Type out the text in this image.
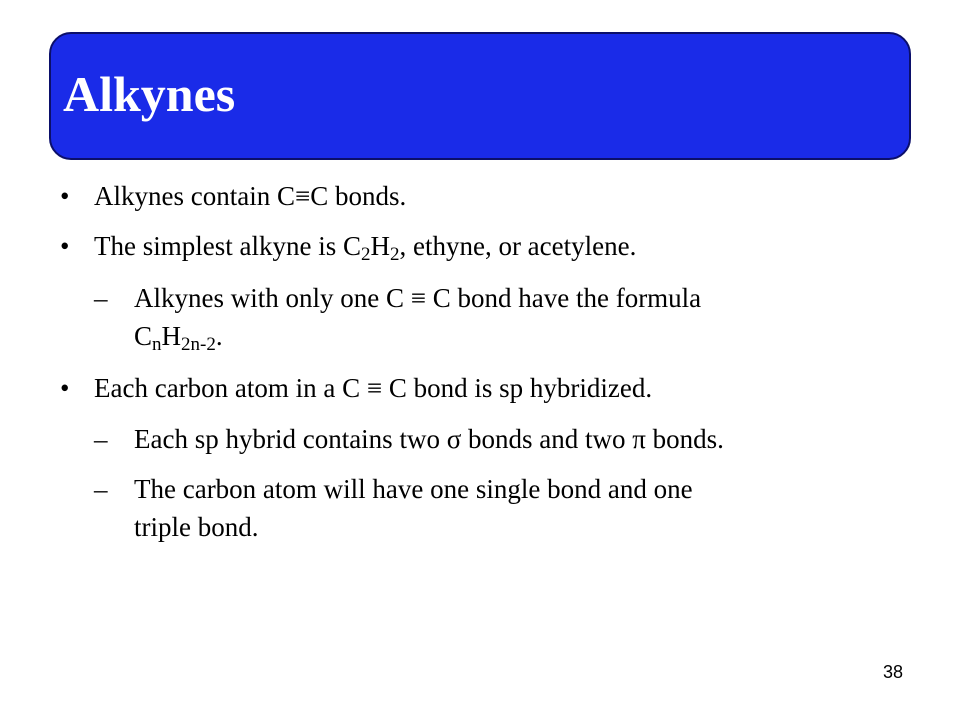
Alkynes
• Alkynes contain C≡C bonds.
• The simplest alkyne is $C_2H_2$, ethyne, or acetylene.
– Alkynes with only one C ≡ C bond have the formula
$C_nH_{2n-2}$.
• Each carbon atom in a C ≡ C bond is sp hybridized.
– Each sp hybrid contains two σ bonds and two π bonds.
– The carbon atom will have one single bond and one
triple bond.
38
